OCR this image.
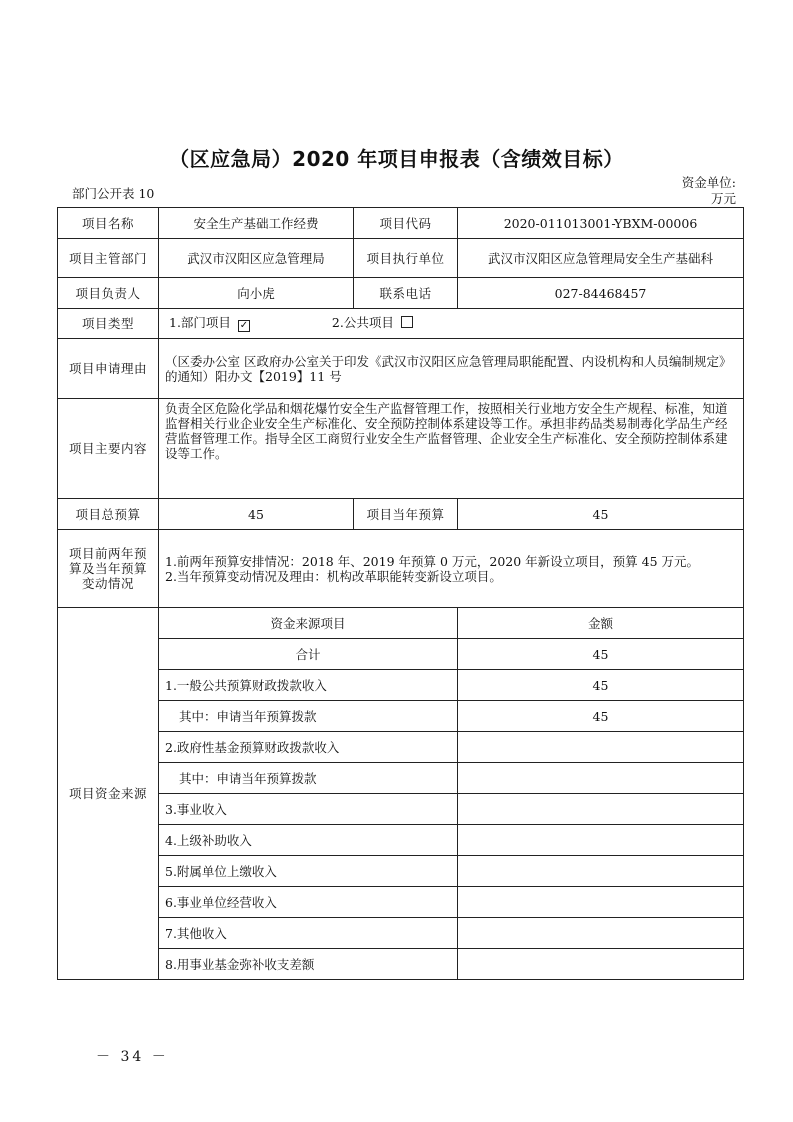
（区应急局）2020 年项目申报表（含绩效目标）
部门公开表 10
资金单位:
万元
项目名称	安全生产基础工作经费	项目代码	2020-011013001-YBXM-00006
项目主管部门	武汉市汉阳区应急管理局	项目执行单位	武汉市汉阳区应急管理局安全生产基础科
项目负责人	向小虎	联系电话	027-84468457
项目类型	1.部门项目 ✓ 2.公共项目		
项目申请理由	（区委办公室 区政府办公室关于印发《武汉市汉阳区应急管理局职能配置、内设机构和人员编制规定》的通知）阳办文【2019】11 号		
项目主要内容	负责全区危险化学品和烟花爆竹安全生产监督管理工作，按照相关行业地方安全生产规程、标准，知道监督相关行业企业安全生产标准化、安全预防控制体系建设等工作。承担非药品类易制毒化学品生产经营监督管理工作。指导全区工商贸行业安全生产监督管理、企业安全生产标准化、安全预防控制体系建设等工作。		
项目总预算	45	项目当年预算	45
项目前两年预算及当年预算变动情况	1.前两年预算安排情况：2018 年、2019 年预算 0 万元，2020 年新设立项目，预算 45 万元。
2.当年预算变动情况及理由：机构改革职能转变新设立项目。		

项目资金来源	资金来源项目		金额
	合计		45
	1.一般公共预算财政拨款收入		45
	其中：申请当年预算拨款		45
	2.政府性基金预算财政拨款收入		
	其中：申请当年预算拨款		
	3.事业收入		
	4.上级补助收入		
	5.附属单位上缴收入		
	6.事业单位经营收入		
	7.其他收入		
	8.用事业基金弥补收支差额		
－ 34 －
